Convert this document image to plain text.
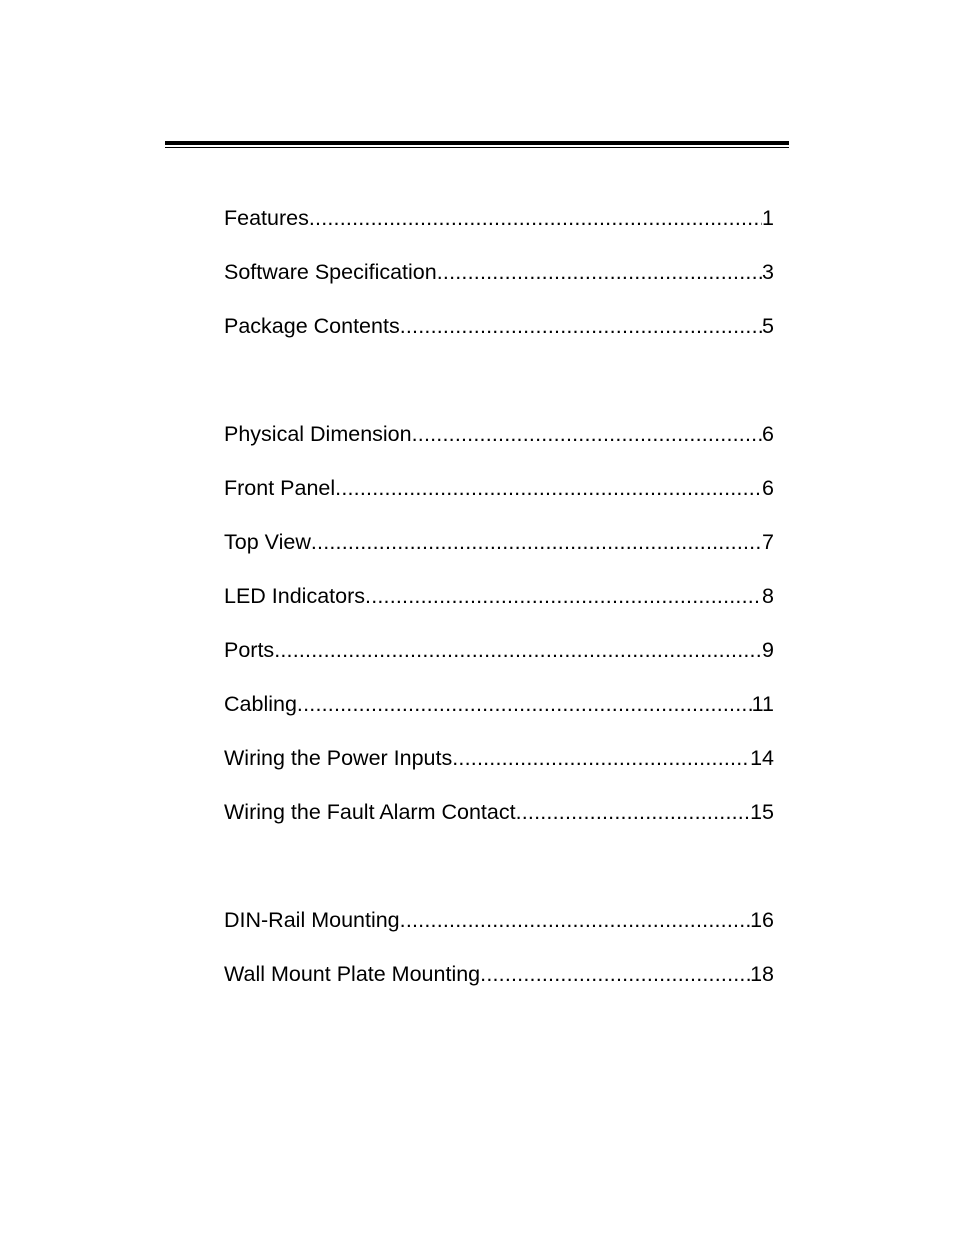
Features .....	1
Software Specification .....	3
Package Contents .....	5
Physical Dimension .....	6
Front Panel .....	6
Top View .....	7
LED Indicators .....	8
Ports .....	9
Cabling .....	11
Wiring the Power Inputs .....	14
Wiring the Fault Alarm Contact .....	15
DIN-Rail Mounting .....	16
Wall Mount Plate Mounting .....	18
